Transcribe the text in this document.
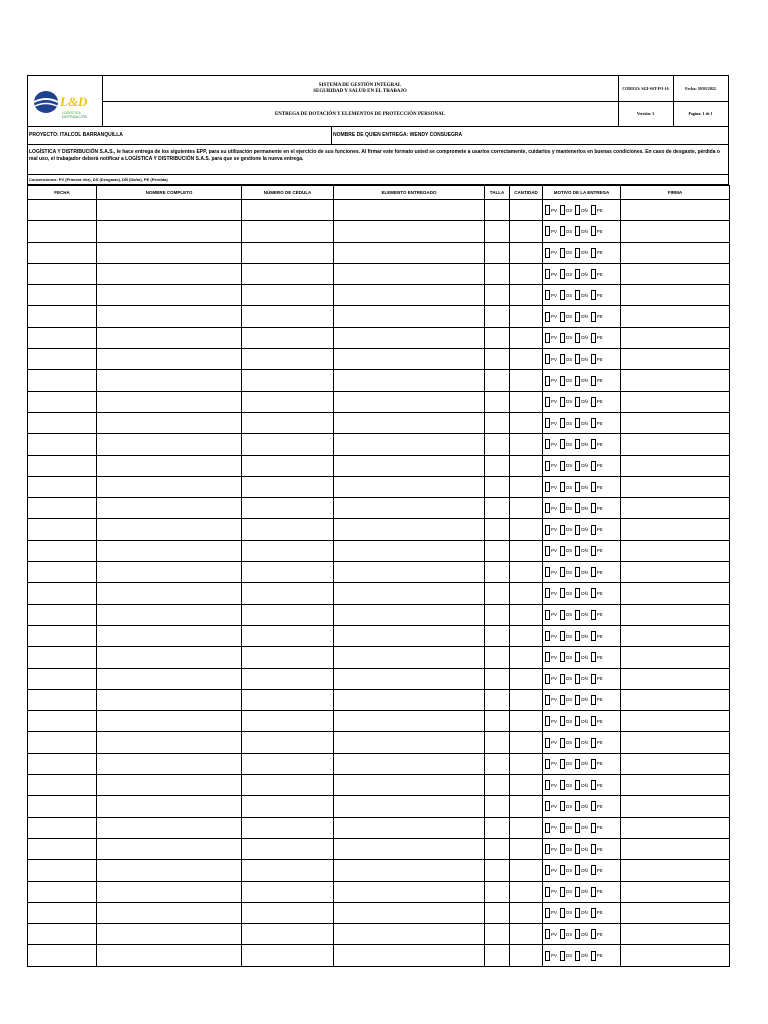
L&D
LOGISTICA
DISTRIBUCIÓN
SISTEMA DE GESTIÓN INTEGRAL
SEGURIDAD Y SALUD EN EL TRABAJO
ENTREGA DE DOTACIÓN Y ELEMENTOS DE PROTECCIÓN PERSONAL
CODIGO: SGI-SST-FO-16	Fecha: 30/03/2022
Versión: 3	Pagina: 1 de 1
PROYECTO: ITALCOL BARRANQUILLA	NOMBRE DE QUIEN ENTREGA: WENDY CONSUEGRA
LOGÍSTICA Y DISTRIBUCIÓN S.A.S., le hace entrega de los siguientes EPP, para su utilización permanente en el ejercicio de sus funciones. Al firmar este formato usted se compromete a usarlos correctamente, cuidarlos y mantenerlos en buenas condiciones. En caso de desgaste, pérdida o mal uso, el trabajador deberá notificar a LOGÍSTICA Y DISTRIBUCIÓN S.A.S. para que se gestione la nueva entrega.
Convenciones: PV (Primera Vez), DS (Desgaste), DÑ (Daño), PE (Perdida)
FECHA	NOMBRE COMPLETO	NÚMERO DE CÉDULA	ELEMENTO ENTREGADO	TALLA	CANTIDAD	MOTIVO DE LA ENTREGA	FIRMA

						PV DS DÑ PE	

						PV DS DÑ PE	

						PV DS DÑ PE	

						PV DS DÑ PE	

						PV DS DÑ PE	

						PV DS DÑ PE	

						PV DS DÑ PE	

						PV DS DÑ PE	

						PV DS DÑ PE	

						PV DS DÑ PE	

						PV DS DÑ PE	

						PV DS DÑ PE	

						PV DS DÑ PE	

						PV DS DÑ PE	

						PV DS DÑ PE	

						PV DS DÑ PE	

						PV DS DÑ PE	

						PV DS DÑ PE	

						PV DS DÑ PE	

						PV DS DÑ PE	

						PV DS DÑ PE	

						PV DS DÑ PE	

						PV DS DÑ PE	

						PV DS DÑ PE	

						PV DS DÑ PE	

						PV DS DÑ PE	

						PV DS DÑ PE	

						PV DS DÑ PE	

						PV DS DÑ PE	

						PV DS DÑ PE	

						PV DS DÑ PE	

						PV DS DÑ PE	

						PV DS DÑ PE	

						PV DS DÑ PE	

						PV DS DÑ PE	

						PV DS DÑ PE	
